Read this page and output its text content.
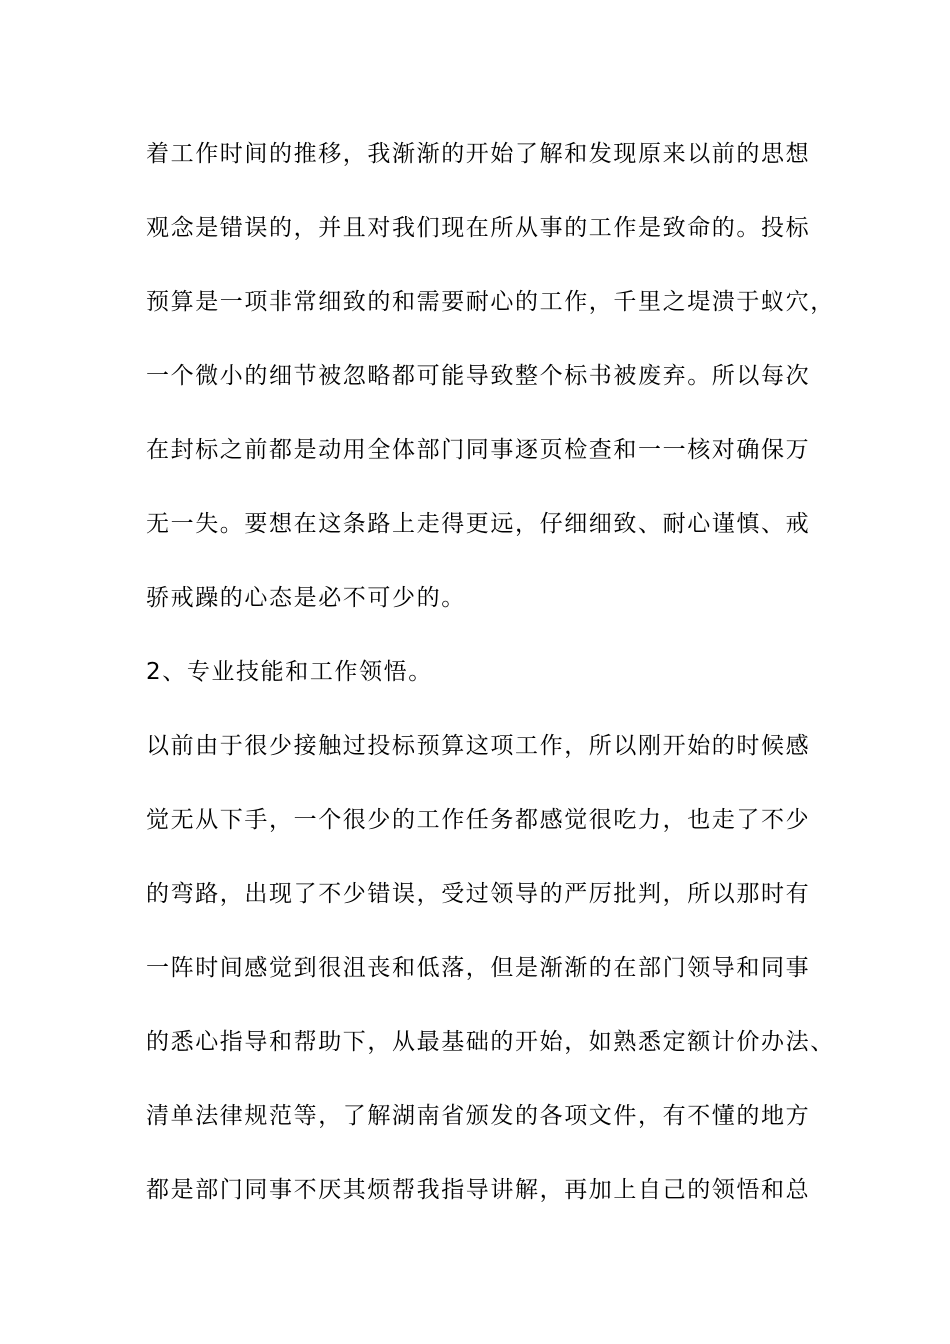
着工作时间的推移，我渐渐的开始了解和发现原来以前的思想
观念是错误的，并且对我们现在所从事的工作是致命的。投标
预算是一项非常细致的和需要耐心的工作，千里之堤溃于蚁穴，
一个微小的细节被忽略都可能导致整个标书被废弃。所以每次
在封标之前都是动用全体部门同事逐页检查和一一核对确保万
无一失。要想在这条路上走得更远，仔细细致、耐心谨慎、戒
骄戒躁的心态是必不可少的。
2、专业技能和工作领悟。
以前由于很少接触过投标预算这项工作，所以刚开始的时候感
觉无从下手，一个很少的工作任务都感觉很吃力，也走了不少
的弯路，出现了不少错误，受过领导的严厉批判，所以那时有
一阵时间感觉到很沮丧和低落，但是渐渐的在部门领导和同事
的悉心指导和帮助下，从最基础的开始，如熟悉定额计价办法、
清单法律规范等，了解湖南省颁发的各项文件，有不懂的地方
都是部门同事不厌其烦帮我指导讲解，再加上自己的领悟和总
